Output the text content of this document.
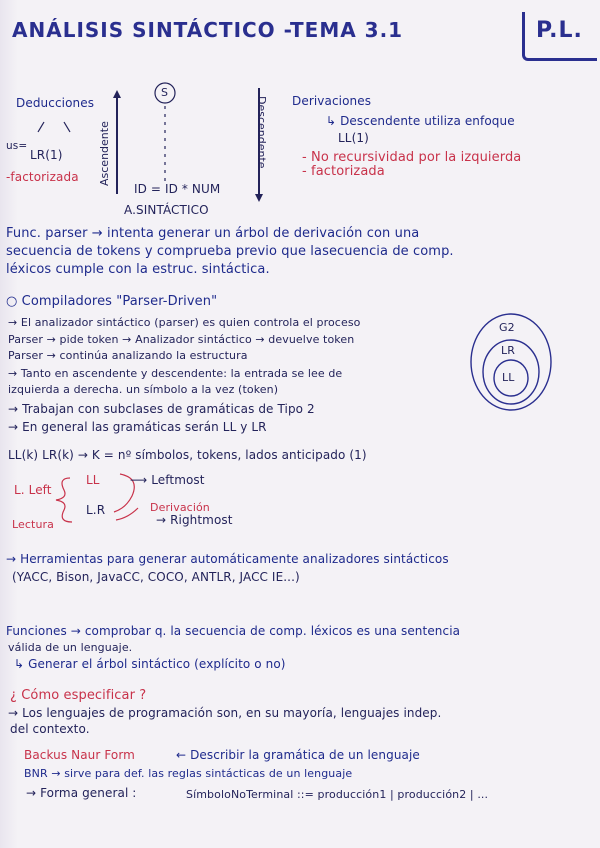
ANÁLISIS SINTÁCTICO -TEMA 3.1	P.L.
Deducciones
us=
LR(1)
-factorizada Ascendente
S
ID = ID * NUM
A.SINTÁCTICO
Descendente Derivaciones
↳ Descendente utiliza enfoque
LL(1)
- No recursividad por la izquierda
- factorizada
Func. parser → intenta generar un árbol de derivación con una
secuencia de tokens y comprueba previo que lasecuencia de comp.
léxicos cumple con la estruc. sintáctica.
○ Compiladores "Parser-Driven"
→ El analizador sintáctico (parser) es quien controla el proceso
Parser → pide token → Analizador sintáctico → devuelve token
Parser → continúa analizando la estructura
→ Tanto en ascendente y descendente: la entrada se lee de
izquierda a derecha. un símbolo a la vez (token)
→ Trabajan con subclases de gramáticas de Tipo 2
→ En general las gramáticas serán LL y LR
G2
LR
LL
LL(k) LR(k) → K = nº símbolos, tokens, lados anticipado (1)
L. Left
LL	⟶ Leftmost
L.R	Derivación
→ Rightmost
Lectura
→ Herramientas para generar automáticamente analizadores sintácticos
(YACC, Bison, JavaCC, COCO, ANTLR, JACC IE...)
Funciones → comprobar q. la secuencia de comp. léxicos es una sentencia
válida de un lenguaje.
↳ Generar el árbol sintáctico (explícito o no)
¿ Cómo especificar ?
→ Los lenguajes de programación son, en su mayoría, lenguajes indep.
del contexto.
Backus Naur Form	← Describir la gramática de un lenguaje
BNR → sirve para def. las reglas sintácticas de un lenguaje
→ Forma general :	SímboloNoTerminal ::= producción1 | producción2 | ...
